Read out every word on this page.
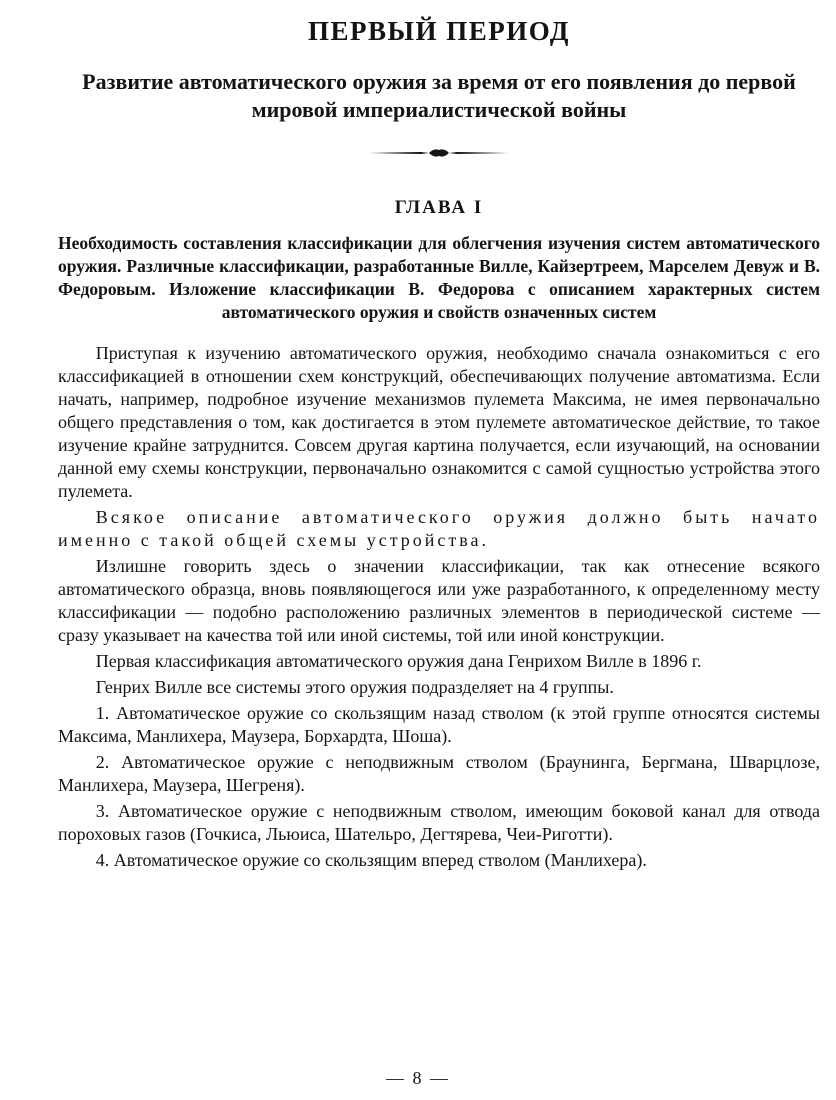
ПЕРВЫЙ ПЕРИОД
Развитие автоматического оружия за время от его появления до первой мировой империалистической войны
ГЛАВА I

Необходимость составления классификации для облегчения изучения систем автоматического оружия. Различные классификации, разработанные Вилле, Кайзертреем, Марселем Девуж и В. Федоровым. Изложение классификации В. Федорова с описанием характерных систем автоматического оружия и свойств означенных систем

Приступая к изучению автоматического оружия, необходимо сначала ознакомиться с его классификацией в отношении схем конструкций, обеспечивающих получение автоматизма. Если начать, например, подробное изучение механизмов пулемета Максима, не имея первоначально общего представления о том, как достигается в этом пулемете автоматическое действие, то такое изучение крайне затруднится. Совсем другая картина получается, если изучающий, на основании данной ему схемы конструкции, первоначально ознакомится с самой сущностью устройства этого пулемета.

Всякое описание автоматического оружия должно быть начато именно с такой общей схемы устройства.

Излишне говорить здесь о значении классификации, так как отнесение всякого автоматического образца, вновь появляющегося или уже разработанного, к определенному месту классификации — подобно расположению различных элементов в периодической системе — сразу указывает на качества той или иной системы, той или иной конструкции.

Первая классификация автоматического оружия дана Генрихом Вилле в 1896 г.

Генрих Вилле все системы этого оружия подразделяет на 4 группы.

1. Автоматическое оружие со скользящим назад стволом (к этой группе относятся системы Максима, Манлихера, Маузера, Борхардта, Шоша).

2. Автоматическое оружие с неподвижным стволом (Браунинга, Бергмана, Шварцлозе, Манлихера, Маузера, Шегреня).

3. Автоматическое оружие с неподвижным стволом, имеющим боковой канал для отвода пороховых газов (Гочкиса, Льюиса, Шательро, Дегтярева, Чеи-Риготти).

4. Автоматическое оружие со скользящим вперед стволом (Манлихера).

— 8 —
